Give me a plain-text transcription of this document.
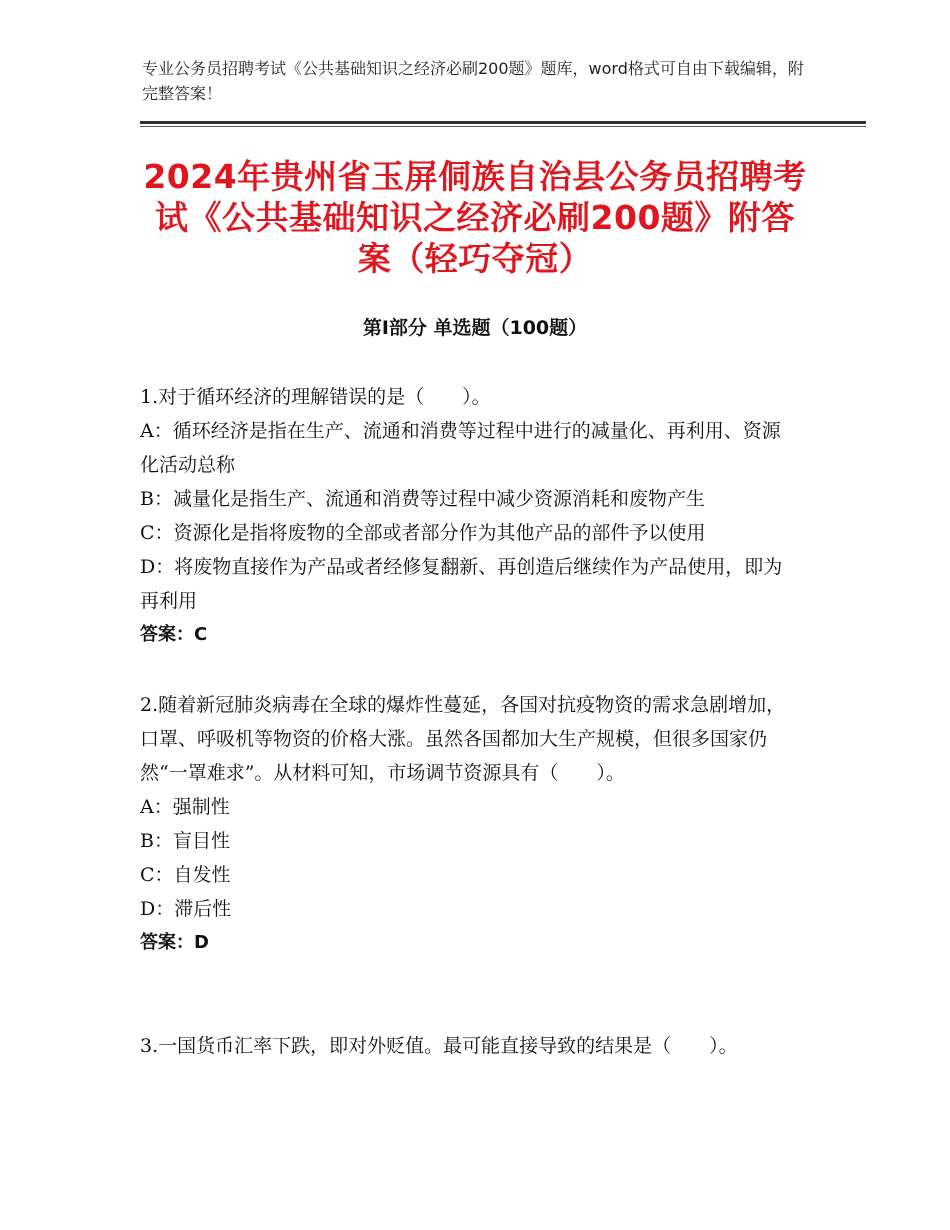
专业公务员招聘考试《公共基础知识之经济必刷200题》题库，word格式可自由下载编辑，附完整答案！
2024年贵州省玉屏侗族自治县公务员招聘考试《公共基础知识之经济必刷200题》附答案（轻巧夺冠）
第Ⅰ部分 单选题（100题）

1.对于循环经济的理解错误的是（　　）。

A：循环经济是指在生产、流通和消费等过程中进行的减量化、再利用、资源化活动总称

B：减量化是指生产、流通和消费等过程中减少资源消耗和废物产生

C：资源化是指将废物的全部或者部分作为其他产品的部件予以使用

D：将废物直接作为产品或者经修复翻新、再创造后继续作为产品使用，即为再利用

答案：C

2.随着新冠肺炎病毒在全球的爆炸性蔓延，各国对抗疫物资的需求急剧增加，口罩、呼吸机等物资的价格大涨。虽然各国都加大生产规模，但很多国家仍然“一罩难求”。从材料可知，市场调节资源具有（　　）。

A：强制性

B：盲目性

C：自发性

D：滞后性

答案：D

3.一国货币汇率下跌，即对外贬值。最可能直接导致的结果是（　　）。
